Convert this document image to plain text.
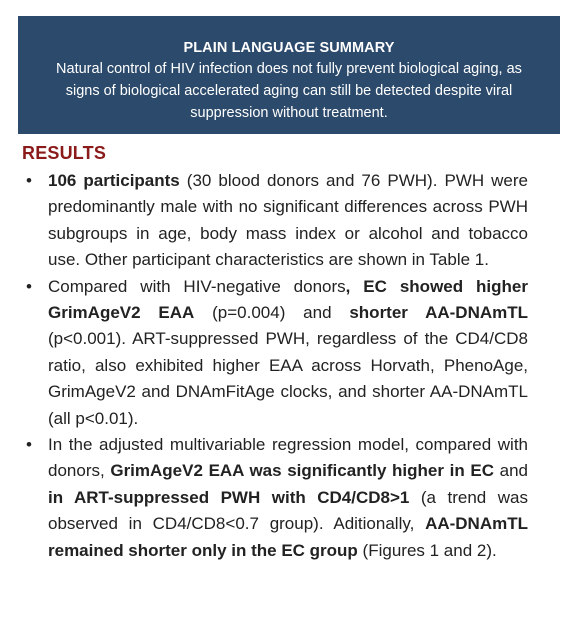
PLAIN LANGUAGE SUMMARY
Natural control of HIV infection does not fully prevent biological aging, as signs of biological accelerated aging can still be detected despite viral suppression without treatment.
RESULTS
• 106 participants (30 blood donors and 76 PWH). PWH were predominantly male with no significant differences across PWH subgroups in age, body mass index or alcohol and tobacco use. Other participant characteristics are shown in Table 1.
• Compared with HIV-negative donors, EC showed higher GrimAgeV2 EAA (p=0.004) and shorter AA-DNAmTL (p<0.001). ART-suppressed PWH, regardless of the CD4/CD8 ratio, also exhibited higher EAA across Horvath, PhenoAge, GrimAgeV2 and DNAmFitAge clocks, and shorter AA-DNAmTL (all p<0.01).
• In the adjusted multivariable regression model, compared with donors, GrimAgeV2 EAA was significantly higher in EC and in ART-suppressed PWH with CD4/CD8>1 (a trend was observed in CD4/CD8<0.7 group). Aditionally, AA-DNAmTL remained shorter only in the EC group (Figures 1 and 2).
